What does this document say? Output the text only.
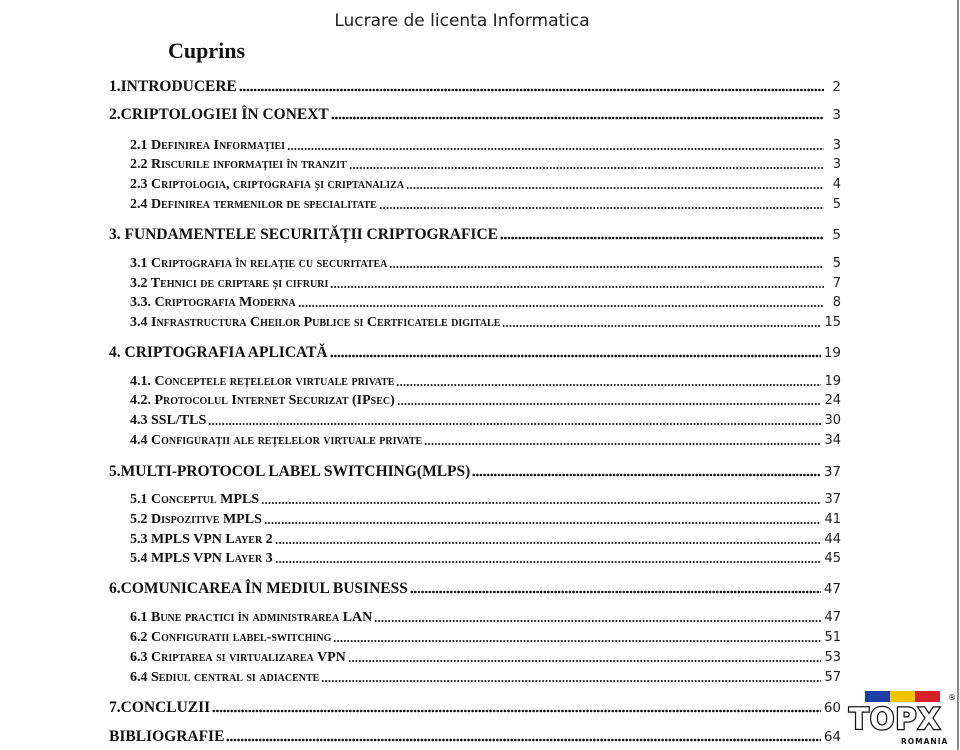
Lucrare de licenta Informatica
Cuprins
1.INTRODUCERE	2
2.CRIPTOLOGIEI ÎN CONEXT	3
2.1 Definirea Informației	3
2.2 Riscurile informației în tranzit	3
2.3 Criptologia, criptografia și criptanaliza	4
2.4 Definirea termenilor de specialitate	5
3. FUNDAMENTELE SECURITĂȚII CRIPTOGRAFICE	5
3.1 Criptografia în relație cu securitatea	5
3.2 Tehnici de criptare și cifruri	7
3.3. Criptografia Moderna	8
3.4 Infrastructura Cheilor Publice si Certficatele digitale	15
4. CRIPTOGRAFIA APLICATĂ	19
4.1. Conceptele rețelelor virtuale private	19
4.2. Protocolul Internet Securizat (IPsec)	24
4.3 SSL/TLS	30
4.4 Configurații ale rețelelor virtuale private	34
5.MULTI-PROTOCOL LABEL SWITCHING(MLPS)	37
5.1 Conceptul MPLS	37
5.2 Dispozitive MPLS	41
5.3 MPLS VPN Layer 2	44
5.4 MPLS VPN Layer 3	45
6.COMUNICAREA ÎN MEDIUL BUSINESS	47
6.1 Bune practici în administrarea LAN	47
6.2 Configuratii label-switching	51
6.3 Criptarea si virtualizarea VPN	53
6.4 Sediul central si adiacente	57
7.CONCLUZII	60
BIBLIOGRAFIE	64
®
TOPX
ROMANIA
